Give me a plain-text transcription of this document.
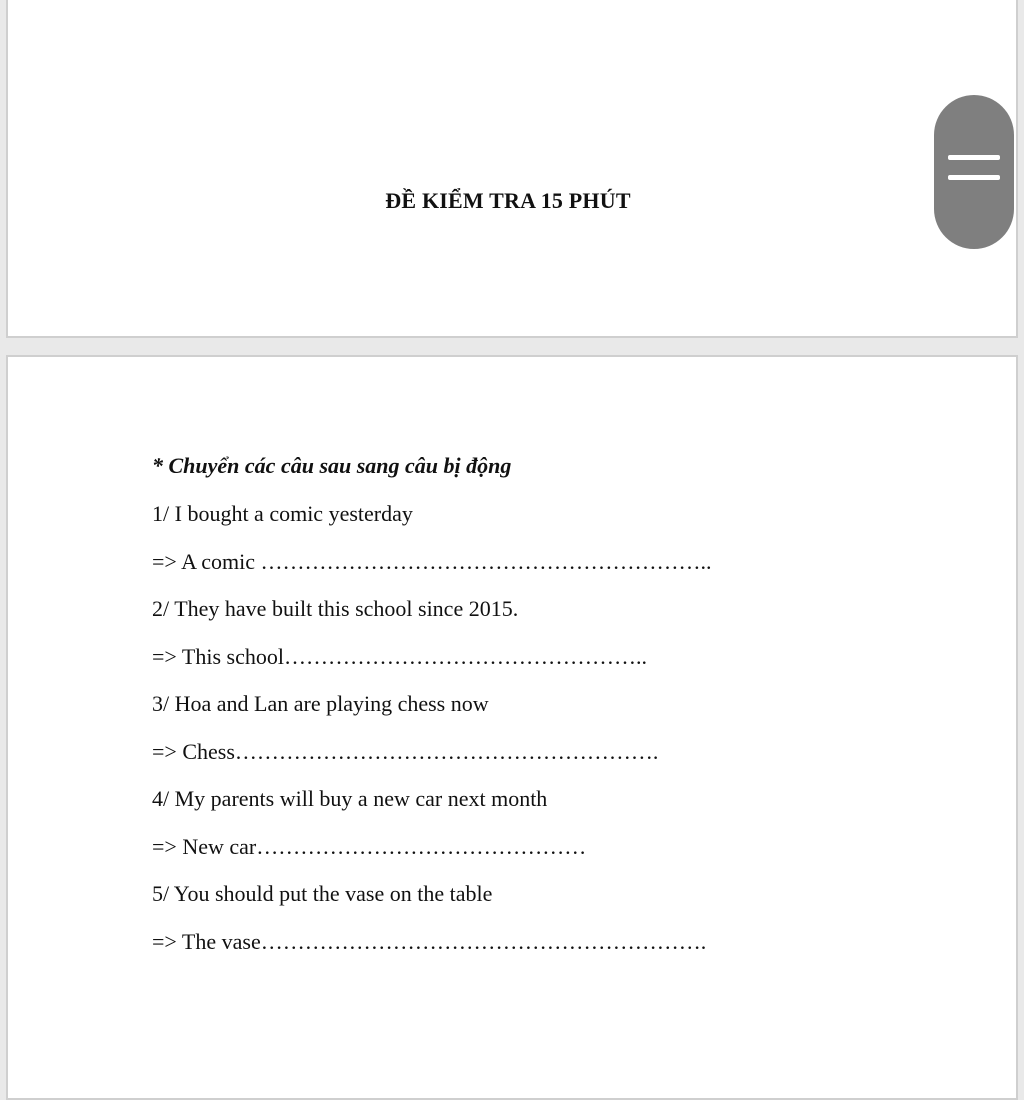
ĐỀ KIỂM TRA 15 PHÚT
* Chuyển các câu sau sang câu bị động
1/ I bought a comic yesterday
=> A comic ……………………………………………………..
2/ They have built this school since 2015.
=> This school…………………………………………..
3/ Hoa and Lan are playing chess now
=> Chess………………………………………………….
4/ My parents will buy a new car next month
=> New car………………………………………
5/ You should put the vase on the table
=> The vase…………………………………………………….
